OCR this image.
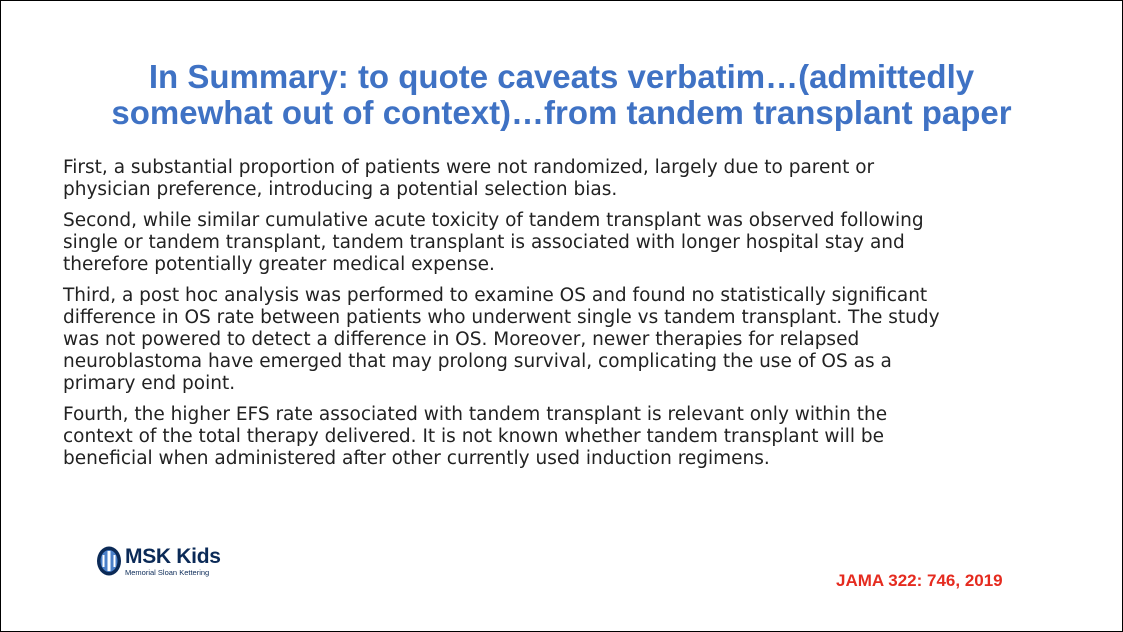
In Summary: to quote caveats verbatim…(admittedly
somewhat out of context)…from tandem transplant paper
First, a substantial proportion of patients were not randomized, largely due to parent or
physician preference, introducing a potential selection bias.
Second, while similar cumulative acute toxicity of tandem transplant was observed following
single or tandem transplant, tandem transplant is associated with longer hospital stay and
therefore potentially greater medical expense.
Third, a post hoc analysis was performed to examine OS and found no statistically significant
difference in OS rate between patients who underwent single vs tandem transplant. The study
was not powered to detect a difference in OS. Moreover, newer therapies for relapsed
neuroblastoma have emerged that may prolong survival, complicating the use of OS as a
primary end point.
Fourth, the higher EFS rate associated with tandem transplant is relevant only within the
context of the total therapy delivered. It is not known whether tandem transplant will be
beneficial when administered after other currently used induction regimens.
MSK Kids
Memorial Sloan Kettering	JAMA 322: 746, 2019
